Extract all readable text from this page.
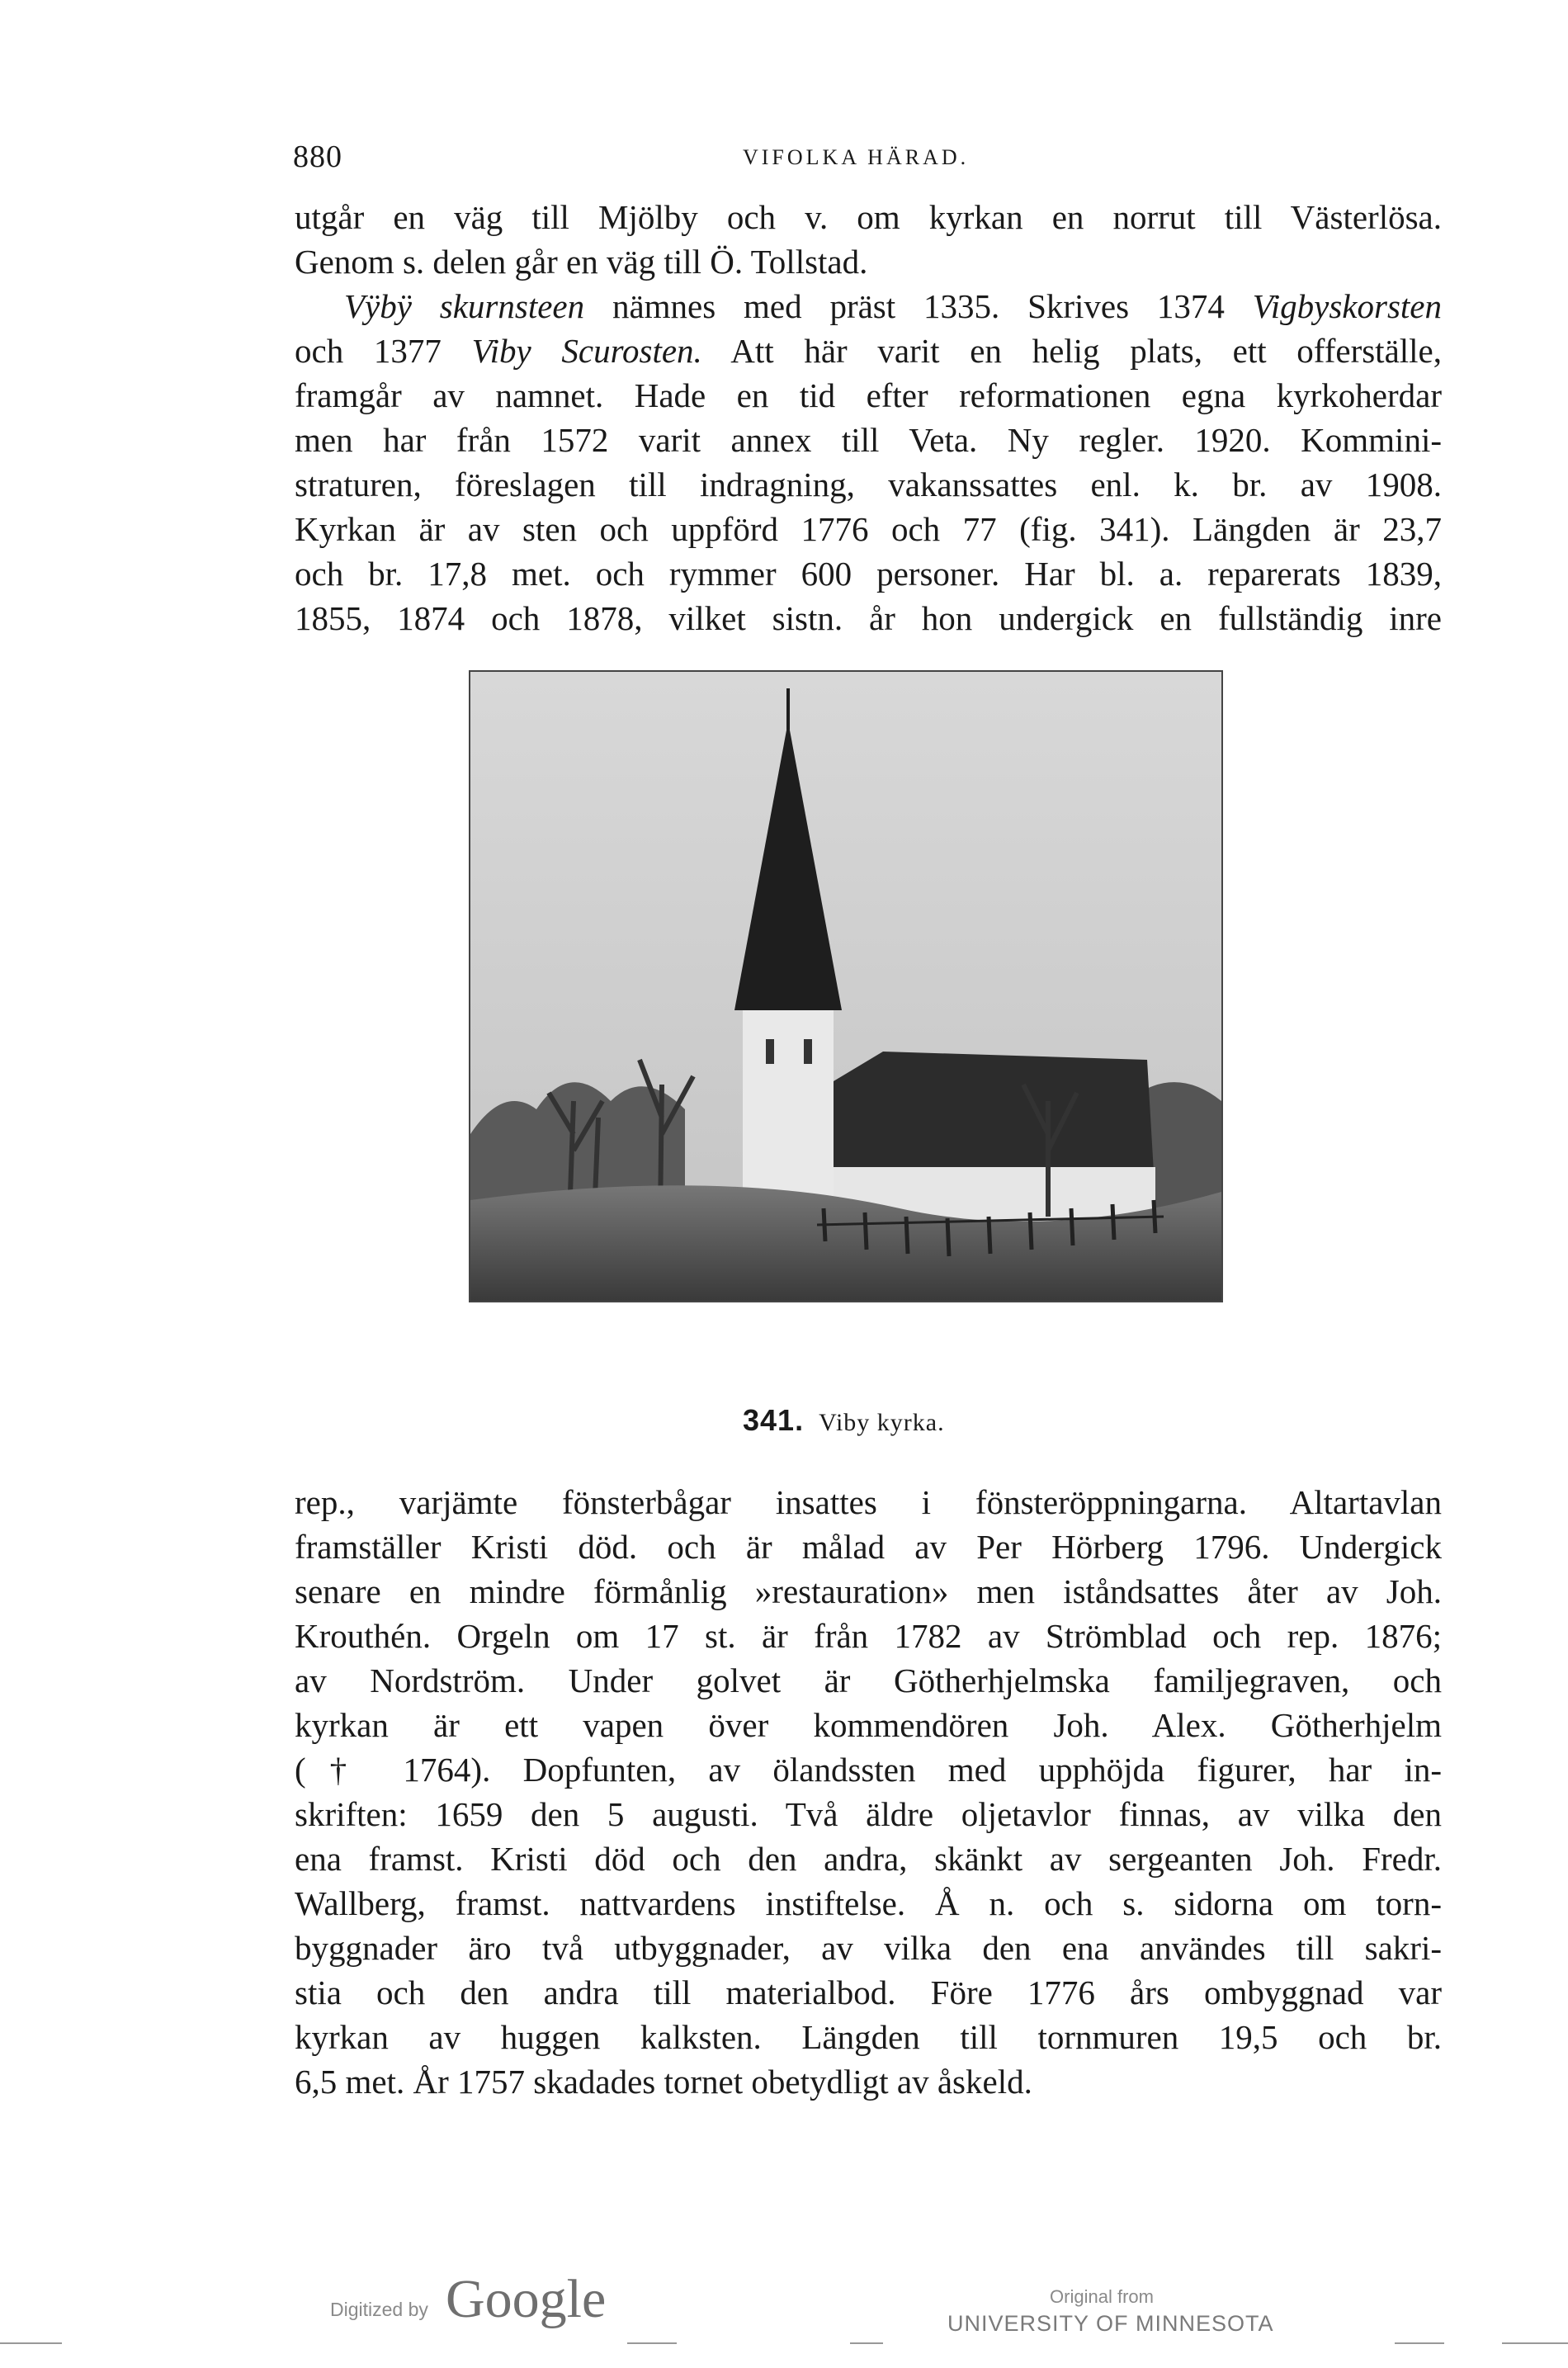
880	VIFOLKA HÄRAD.
utgår en väg till Mjölby och v. om kyrkan en norrut till Västerlösa.
Genom s. delen går en väg till Ö. Tollstad.
Vÿbÿ skurnsteen nämnes med präst 1335. Skrives 1374 Vigbyskorsten
och 1377 Viby Scurosten. Att här varit en helig plats, ett offerställe,
framgår av namnet. Hade en tid efter reformationen egna kyrkoherdar
men har från 1572 varit annex till Veta. Ny regler. 1920. Kommini-
straturen, föreslagen till indragning, vakanssattes enl. k. br. av 1908.
Kyrkan är av sten och uppförd 1776 och 77 (fig. 341). Längden är 23,7
och br. 17,8 met. och rymmer 600 personer. Har bl. a. reparerats 1839,
1855, 1874 och 1878, vilket sistn. år hon undergick en fullständig inre
341. Viby kyrka.
rep., varjämte fönsterbågar insattes i fönsteröppningarna. Altartavlan
framställer Kristi död. och är målad av Per Hörberg 1796. Undergick
senare en mindre förmånlig »restauration» men iståndsattes åter av Joh.
Krouthén. Orgeln om 17 st. är från 1782 av Strömblad och rep. 1876;
av Nordström. Under golvet är Götherhjelmska familjegraven, och
kyrkan är ett vapen över kommendören Joh. Alex. Götherhjelm
(† 1764). Dopfunten, av ölandssten med upphöjda figurer, har in-
skriften: 1659 den 5 augusti. Två äldre oljetavlor finnas, av vilka den
ena framst. Kristi död och den andra, skänkt av sergeanten Joh. Fredr.
Wallberg, framst. nattvardens instiftelse. Å n. och s. sidorna om torn-
byggnader äro två utbyggnader, av vilka den ena användes till sakri-
stia och den andra till materialbod. Före 1776 års ombyggnad var
kyrkan av huggen kalksten. Längden till tornmuren 19,5 och br.
6,5 met. År 1757 skadades tornet obetydligt av åskeld.
Digitized by Google	Original from
UNIVERSITY OF MINNESOTA
